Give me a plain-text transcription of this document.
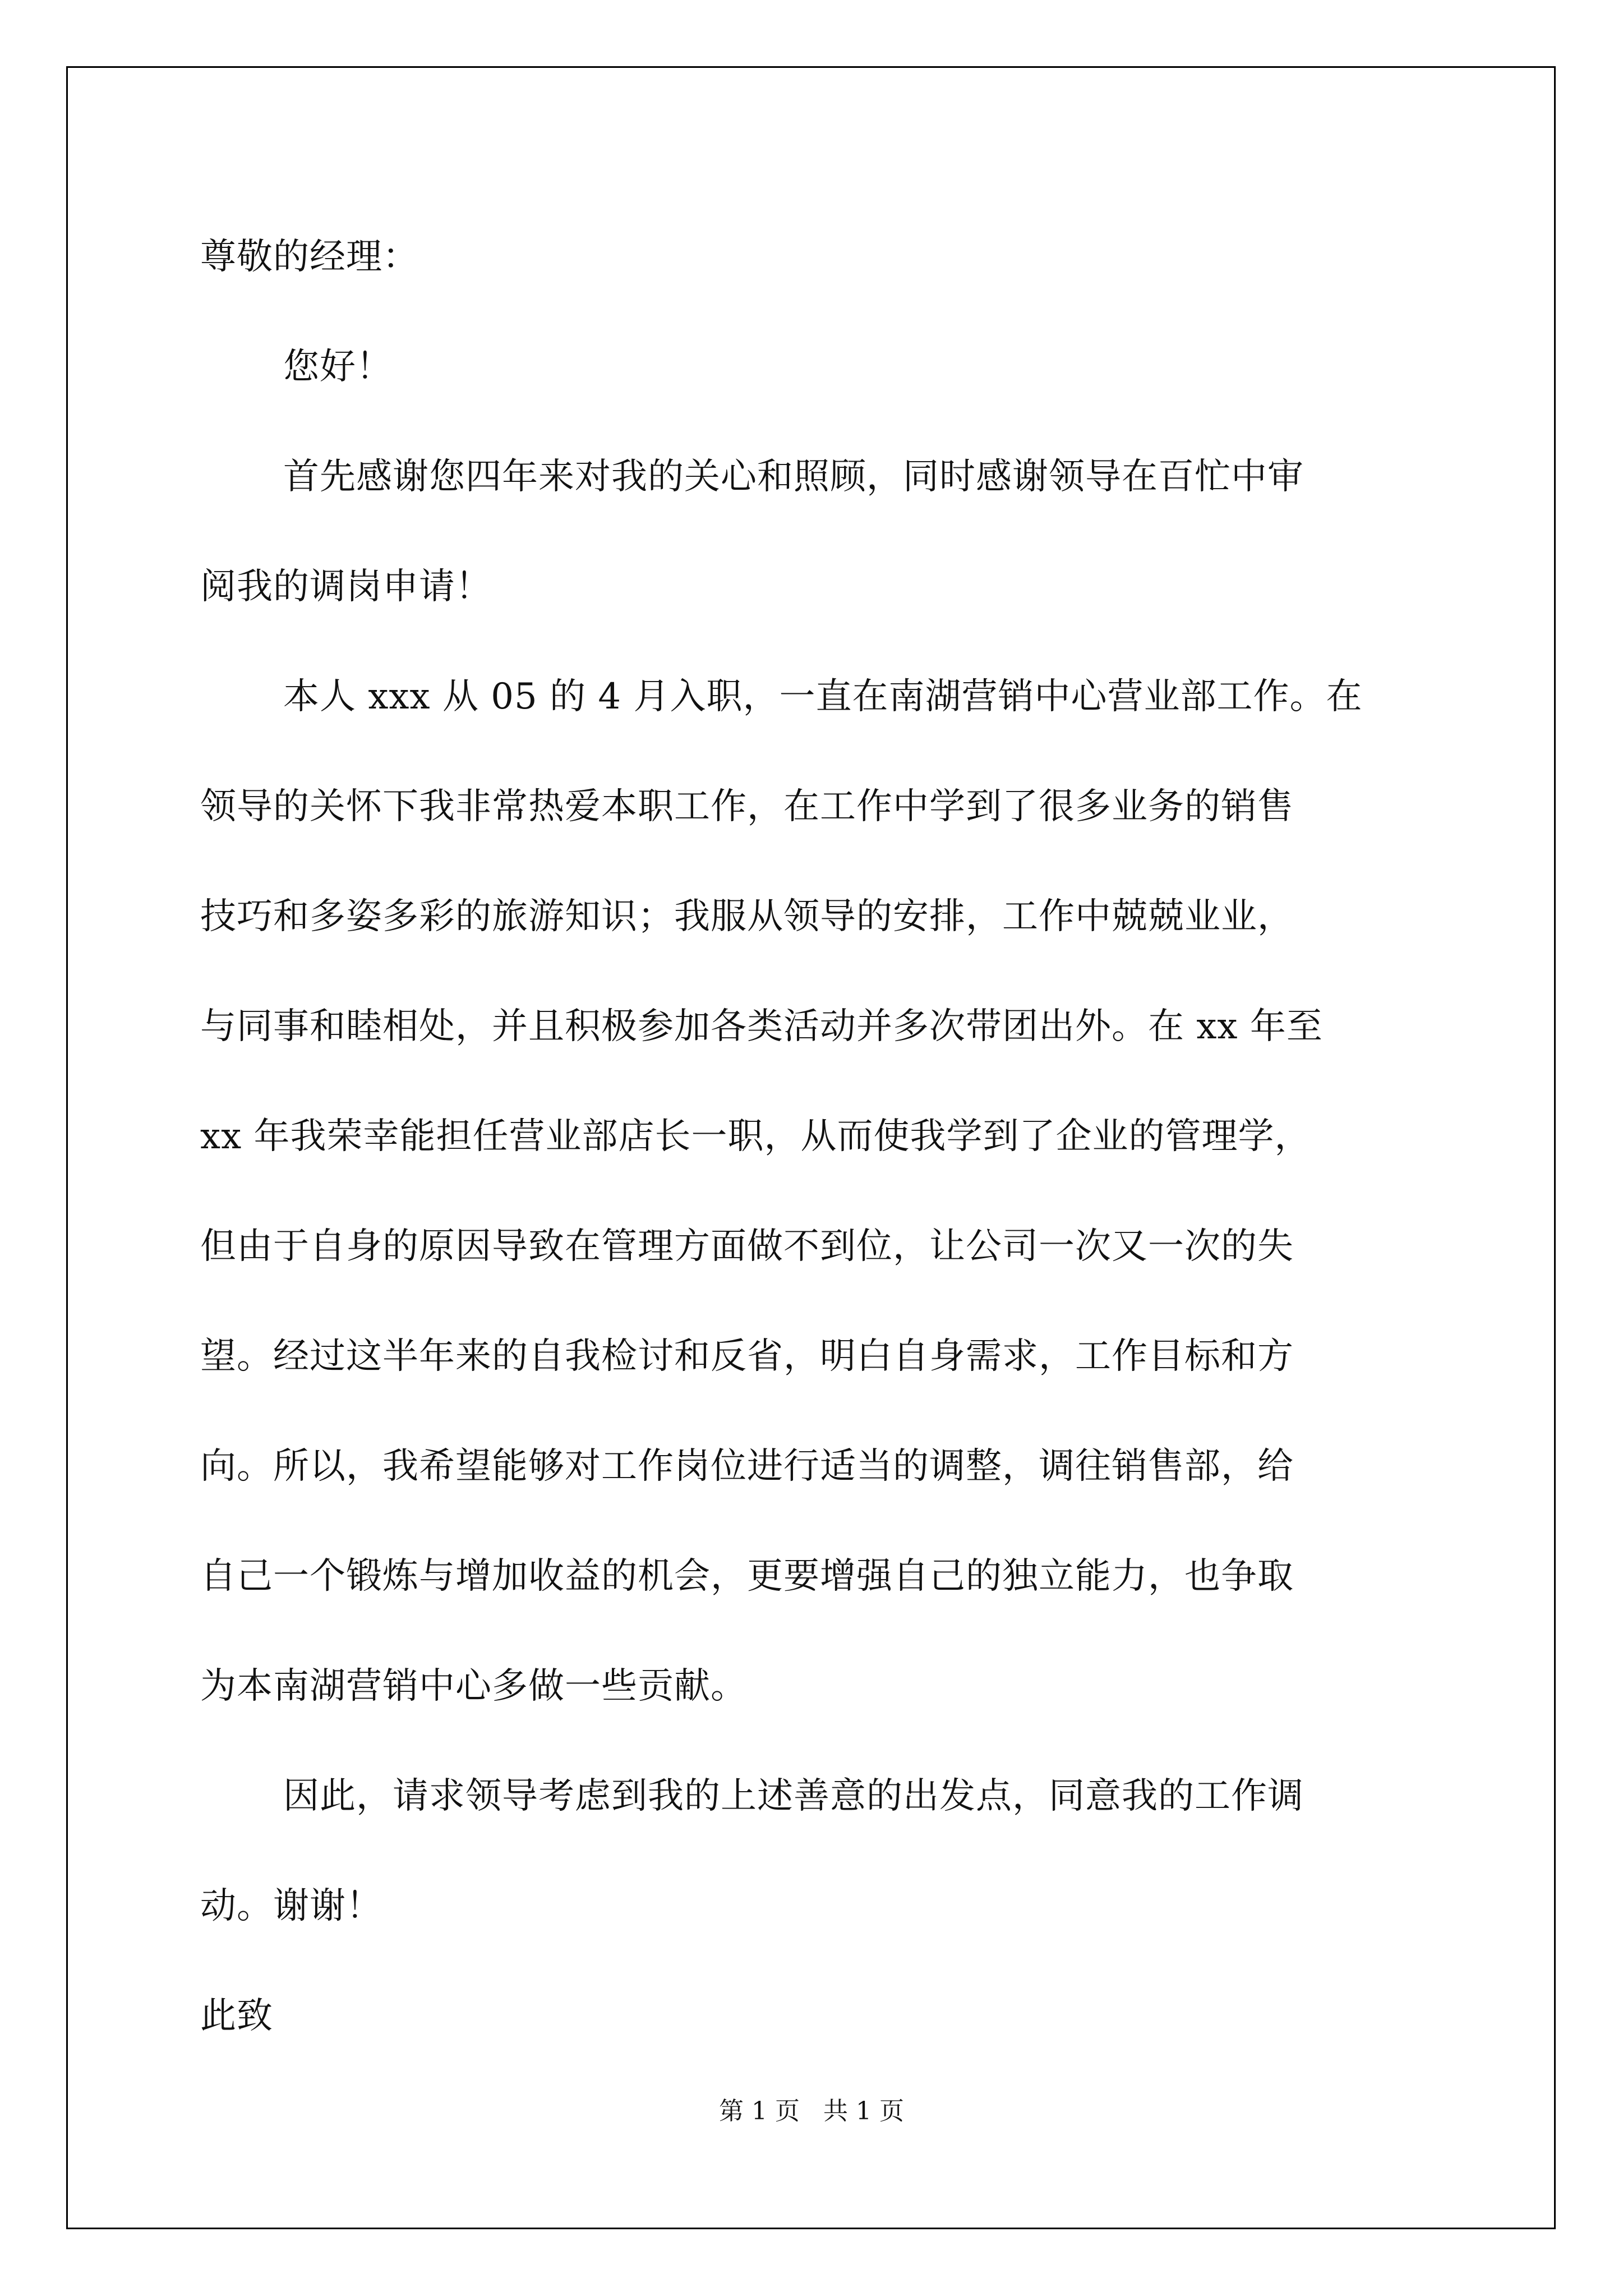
尊敬的经理：
您好！
首先感谢您四年来对我的关心和照顾，同时感谢领导在百忙中审
阅我的调岗申请！
本人 xxx 从 05 的 4 月入职，一直在南湖营销中心营业部工作。在
领导的关怀下我非常热爱本职工作，在工作中学到了很多业务的销售
技巧和多姿多彩的旅游知识；我服从领导的安排，工作中兢兢业业，
与同事和睦相处，并且积极参加各类活动并多次带团出外。在 xx 年至
xx 年我荣幸能担任营业部店长一职，从而使我学到了企业的管理学，
但由于自身的原因导致在管理方面做不到位，让公司一次又一次的失
望。经过这半年来的自我检讨和反省，明白自身需求，工作目标和方
向。所以，我希望能够对工作岗位进行适当的调整，调往销售部，给
自己一个锻炼与增加收益的机会，更要增强自己的独立能力，也争取
为本南湖营销中心多做一些贡献。
因此，请求领导考虑到我的上述善意的出发点，同意我的工作调
动。谢谢！
此致
第 1 页   共 1 页
